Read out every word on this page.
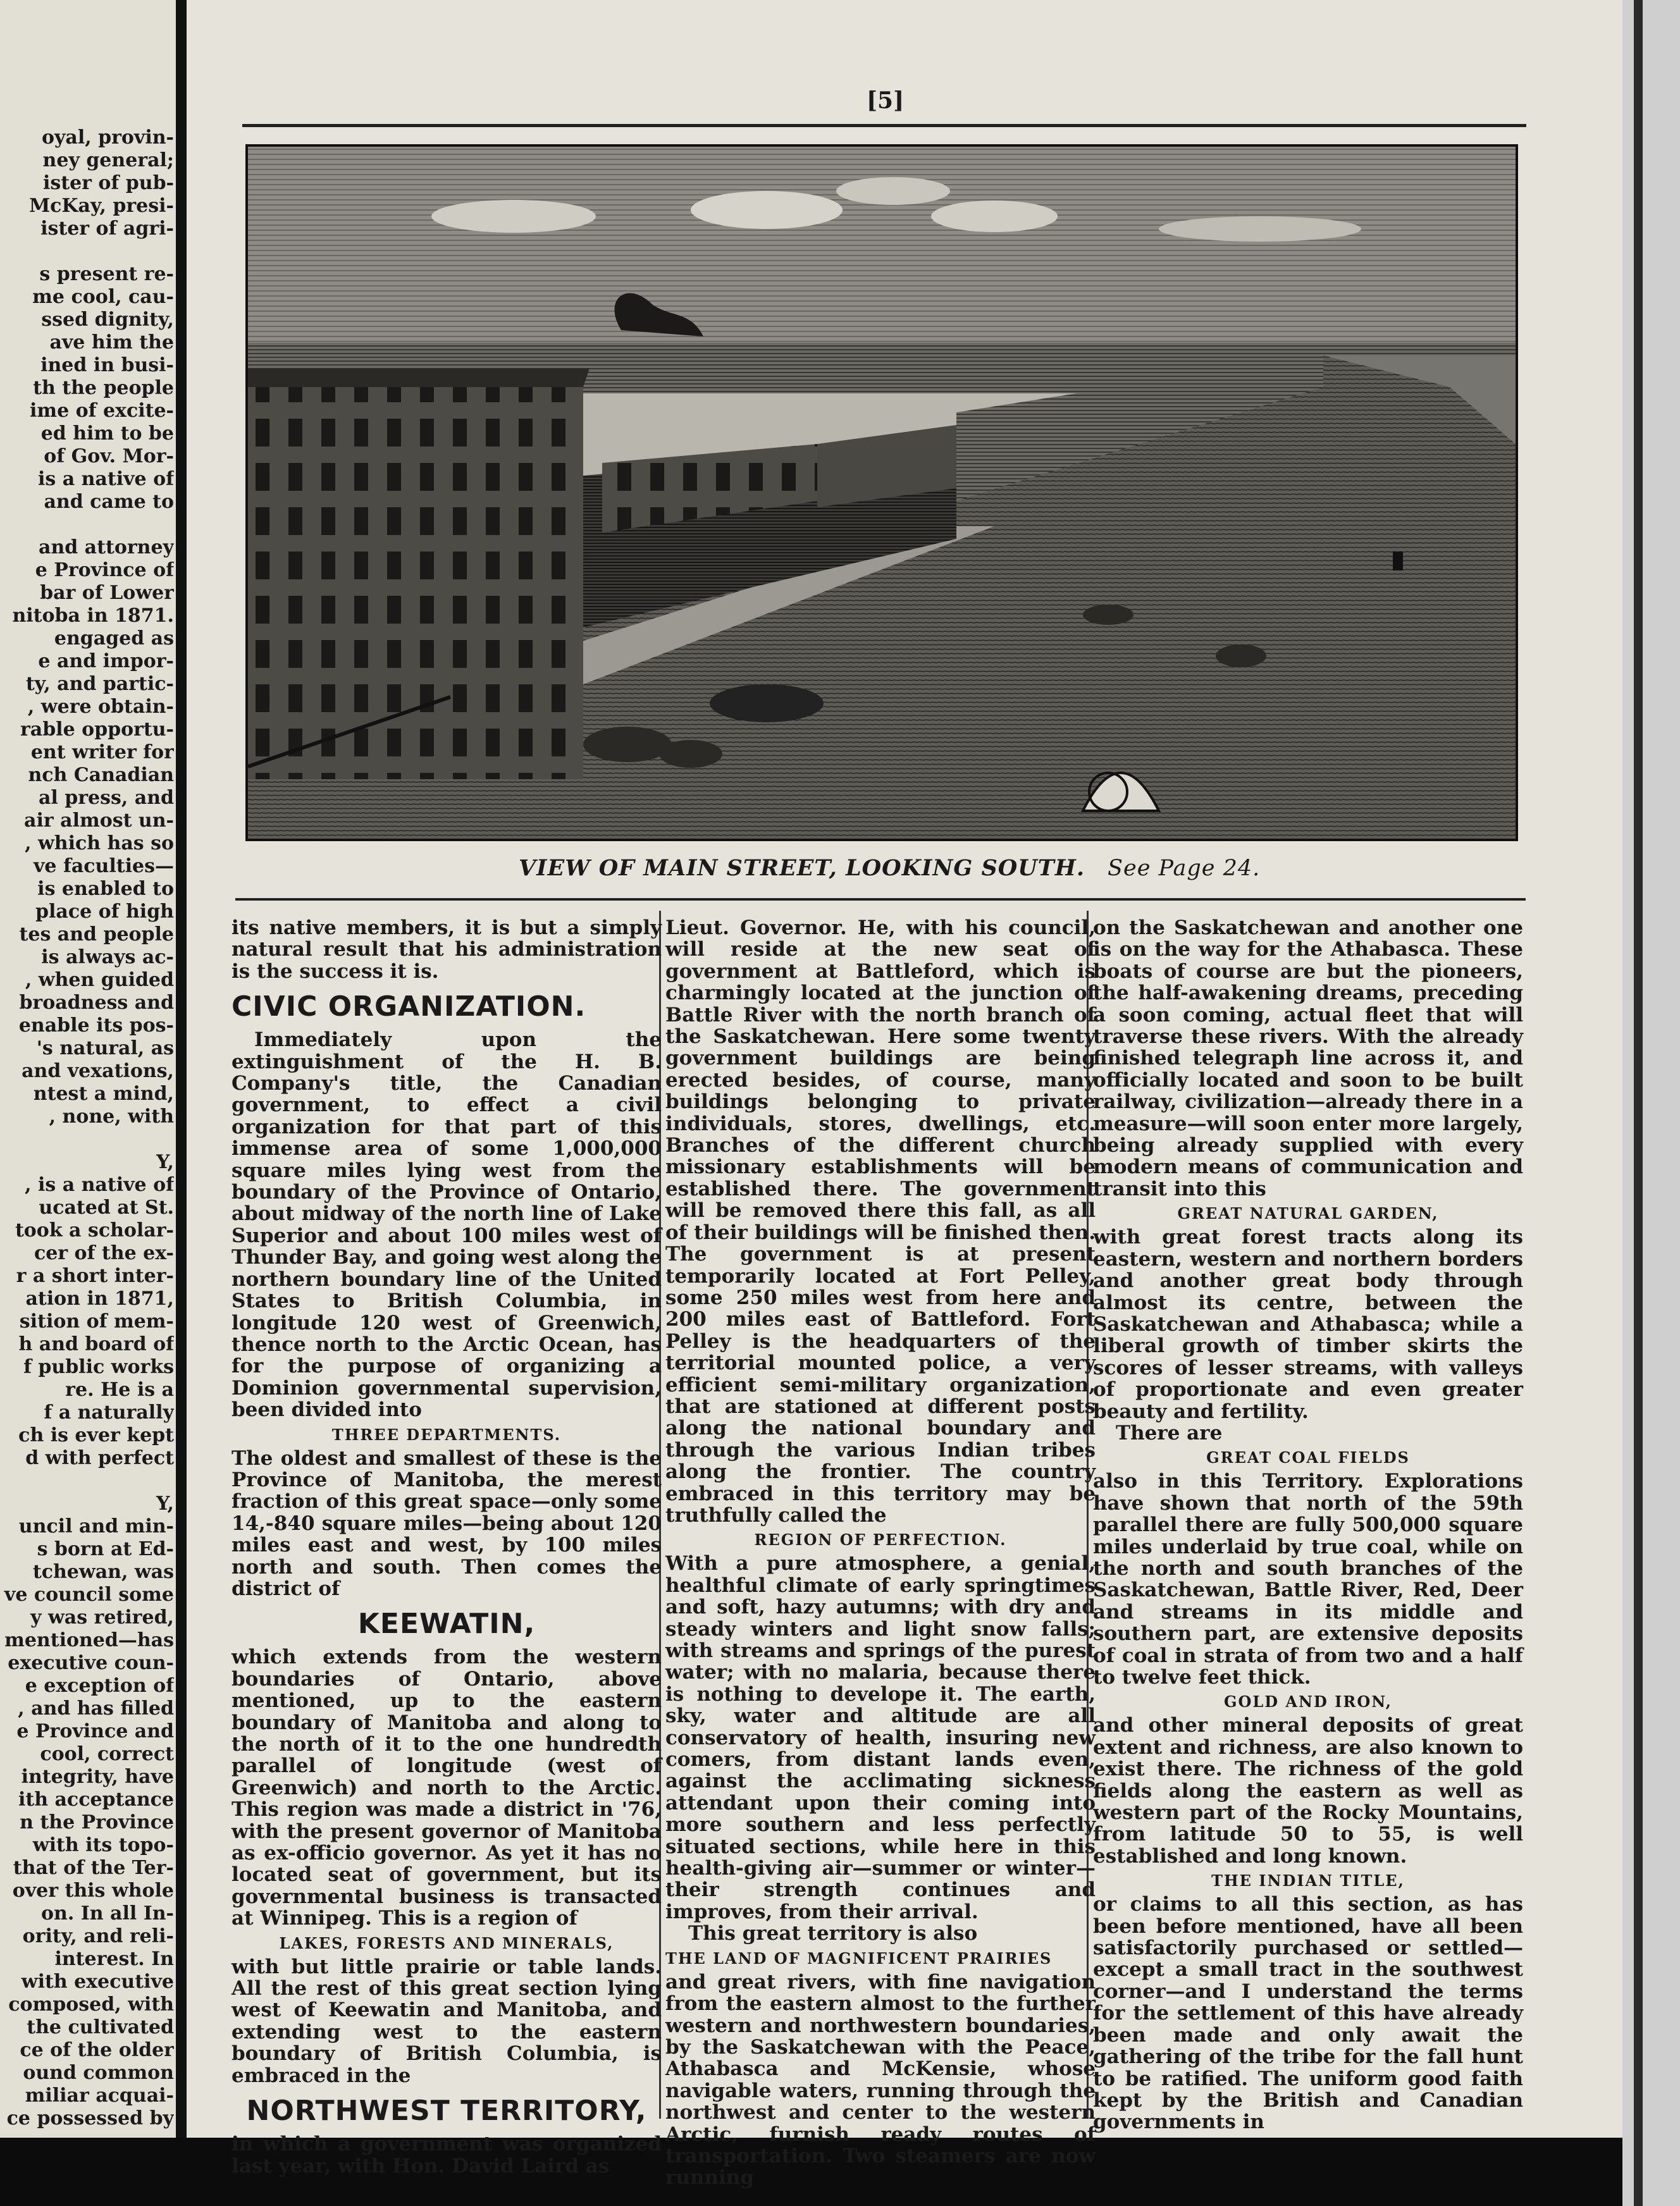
oyal, provin-
ney general;
ister of pub-
McKay, presi-
ister of agri-
s present re-
me cool, cau-
ssed dignity,
ave him the
ined in busi-
th the people
ime of excite-
ed him to be
of Gov. Mor-
is a native of
and came to
and attorney
e Province of
bar of Lower
nitoba in 1871.
engaged as
e and impor-
ty, and partic-
, were obtain-
rable opportu-
ent writer for
nch Canadian
al press, and
air almost un-
, which has so
ve faculties—
is enabled to
place of high
tes and people
is always ac-
, when guided
broadness and
enable its pos-
's natural, as
and vexations,
ntest a mind,
, none, with
Y,
, is a native of
ucated at St.
took a scholar-
cer of the ex-
r a short inter-
ation in 1871,
sition of mem-
h and board of
f public works
re. He is a
f a naturally
ch is ever kept
d with perfect
Y,
uncil and min-
s born at Ed-
tchewan, was
ve council some
y was retired,
mentioned—has
executive coun-
e exception of
, and has filled
e Province and
cool, correct
integrity, have
ith acceptance
n the Province
with its topo-
that of the Ter-
over this whole
on. In all In-
ority, and reli-
interest. In
with executive
composed, with
the cultivated
ce of the older
ound common
miliar acquai-
ce possessed by
[5]
VIEW OF MAIN STREET, LOOKING SOUTH. See Page 24.

its native members, it is but a simply natural result that his administration is the success it is.

CIVIC ORGANIZATION.

Immediately upon the extinguishment of the H. B. Company's title, the Canadian government, to effect a civil organization for that part of this immense area of some 1,000,000 square miles lying west from the boundary of the Province of Ontario, about midway of the north line of Lake Superior and about 100 miles west of Thunder Bay, and going west along the northern boundary line of the United States to British Columbia, in longitude 120 west of Greenwich, thence north to the Arctic Ocean, has for the purpose of organizing a Dominion governmental supervision, been divided into

THREE DEPARTMENTS.

The oldest and smallest of these is the Province of Manitoba, the merest fraction of this great space—only some 14,-840 square miles—being about 120 miles east and west, by 100 miles north and south. Then comes the district of

KEEWATIN,

which extends from the western boundaries of Ontario, above mentioned, up to the eastern boundary of Manitoba and along to the north of it to the one hundredth parallel of longitude (west of Greenwich) and north to the Arctic. This region was made a district in '76, with the present governor of Manitoba as ex-officio governor. As yet it has no located seat of government, but its governmental business is transacted at Winnipeg. This is a region of

LAKES, FORESTS AND MINERALS,

with but little prairie or table lands. All the rest of this great section lying west of Keewatin and Manitoba, and extending west to the eastern boundary of British Columbia, is embraced in the

NORTHWEST TERRITORY,

in which a government was organized last year, with Hon. David Laird as

Lieut. Governor. He, with his council, will reside at the new seat of government at Battleford, which is charmingly located at the junction of Battle River with the north branch of the Saskatchewan. Here some twenty government buildings are being erected besides, of course, many buildings belonging to private individuals, stores, dwellings, etc. Branches of the different church missionary establishments will be established there. The government will be removed there this fall, as all of their buildings will be finished then. The government is at present temporarily located at Fort Pelley, some 250 miles west from here and 200 miles east of Battleford. Fort Pelley is the headquarters of the territorial mounted police, a very efficient semi-military organization, that are stationed at different posts along the national boundary and through the various Indian tribes along the frontier. The country embraced in this territory may be truthfully called the

REGION OF PERFECTION.

With a pure atmosphere, a genial, healthful climate of early springtimes and soft, hazy autumns; with dry and steady winters and light snow falls; with streams and springs of the purest water; with no malaria, because there is nothing to develope it. The earth, sky, water and altitude are all conservatory of health, insuring new comers, from distant lands even, against the acclimating sickness attendant upon their coming into more southern and less perfectly situated sections, while here in this health-giving air—summer or winter—their strength continues and improves, from their arrival.

This great territory is also

THE LAND OF MAGNIFICENT PRAIRIES

and great rivers, with fine navigation from the eastern almost to the further western and northwestern boundaries, by the Saskatchewan with the Peace, Athabasca and McKensie, whose navigable waters, running through the northwest and center to the western Arctic, furnish ready routes of transportation. Two steamers are now running

on the Saskatchewan and another one is on the way for the Athabasca. These boats of course are but the pioneers, the half-awakening dreams, preceding a soon coming, actual fleet that will traverse these rivers. With the already finished telegraph line across it, and officially located and soon to be built railway, civilization—already there in a measure—will soon enter more largely, being already supplied with every modern means of communication and transit into this

GREAT NATURAL GARDEN,

with great forest tracts along its eastern, western and northern borders and another great body through almost its centre, between the Saskatchewan and Athabasca; while a liberal growth of timber skirts the scores of lesser streams, with valleys of proportionate and even greater beauty and fertility.

There are

GREAT COAL FIELDS

also in this Territory. Explorations have shown that north of the 59th parallel there are fully 500,000 square miles underlaid by true coal, while on the north and south branches of the Saskatchewan, Battle River, Red, Deer and streams in its middle and southern part, are extensive deposits of coal in strata of from two and a half to twelve feet thick.

GOLD AND IRON,

and other mineral deposits of great extent and richness, are also known to exist there. The richness of the gold fields along the eastern as well as western part of the Rocky Mountains, from latitude 50 to 55, is well established and long known.

THE INDIAN TITLE,

or claims to all this section, as has been before mentioned, have all been satisfactorily purchased or settled—except a small tract in the southwest corner—and I understand the terms for the settlement of this have already been made and only await the gathering of the tribe for the fall hunt to be ratified. The uniform good faith kept by the British and Canadian governments in
